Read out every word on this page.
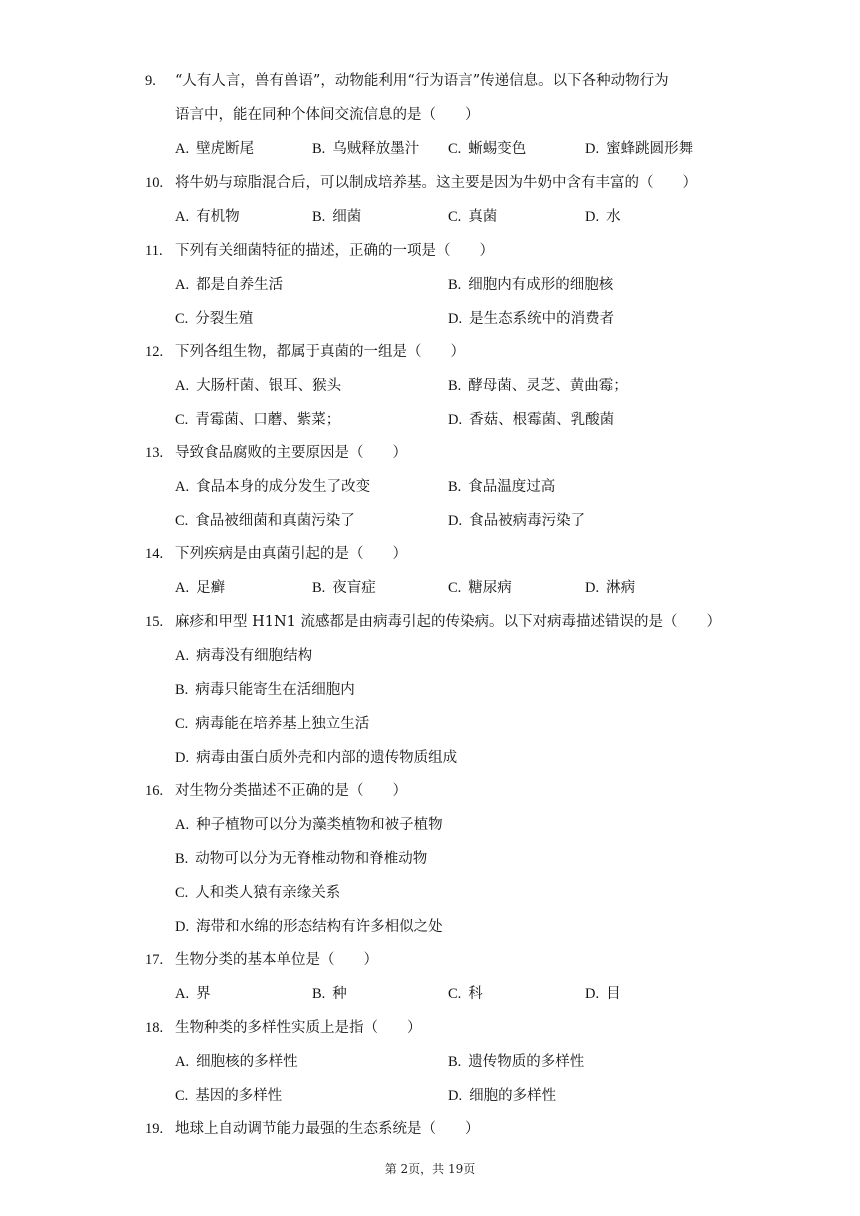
9.	“人有人言，兽有兽语”，动物能利用“行为语言”传递信息。以下各种动物行为
语言中，能在同种个体间交流信息的是（　　）
A. 壁虎断尾	B. 乌贼释放墨汁	C. 蜥蜴变色	D. 蜜蜂跳圆形舞
10. 将牛奶与琼脂混合后，可以制成培养基。这主要是因为牛奶中含有丰富的（　　）
A. 有机物	B. 细菌	C. 真菌	D. 水
11. 下列有关细菌特征的描述，正确的一项是（　　）
A. 都是自养生活	B. 细胞内有成形的细胞核
C. 分裂生殖	D. 是生态系统中的消费者
12. 下列各组生物，都属于真菌的一组是（　　）
A. 大肠杆菌、银耳、猴头	B. 酵母菌、灵芝、黄曲霉；
C. 青霉菌、口蘑、紫菜；	D. 香菇、根霉菌、乳酸菌
13. 导致食品腐败的主要原因是（　　）
A. 食品本身的成分发生了改变	B. 食品温度过高
C. 食品被细菌和真菌污染了	D. 食品被病毒污染了
14. 下列疾病是由真菌引起的是（　　）
A. 足癣	B. 夜盲症	C. 糖尿病	D. 淋病
15. 麻疹和甲型 H1N1 流感都是由病毒引起的传染病。以下对病毒描述错误的是（　　）
A. 病毒没有细胞结构
B. 病毒只能寄生在活细胞内
C. 病毒能在培养基上独立生活
D. 病毒由蛋白质外壳和内部的遗传物质组成
16. 对生物分类描述不正确的是（　　）
A. 种子植物可以分为藻类植物和被子植物
B. 动物可以分为无脊椎动物和脊椎动物
C. 人和类人猿有亲缘关系
D. 海带和水绵的形态结构有许多相似之处
17. 生物分类的基本单位是（　　）
A. 界	B. 种	C. 科	D. 目
18. 生物种类的多样性实质上是指（　　）
A. 细胞核的多样性	B. 遗传物质的多样性
C. 基因的多样性	D. 细胞的多样性
19. 地球上自动调节能力最强的生态系统是（　　）
第 2页，共 19页
